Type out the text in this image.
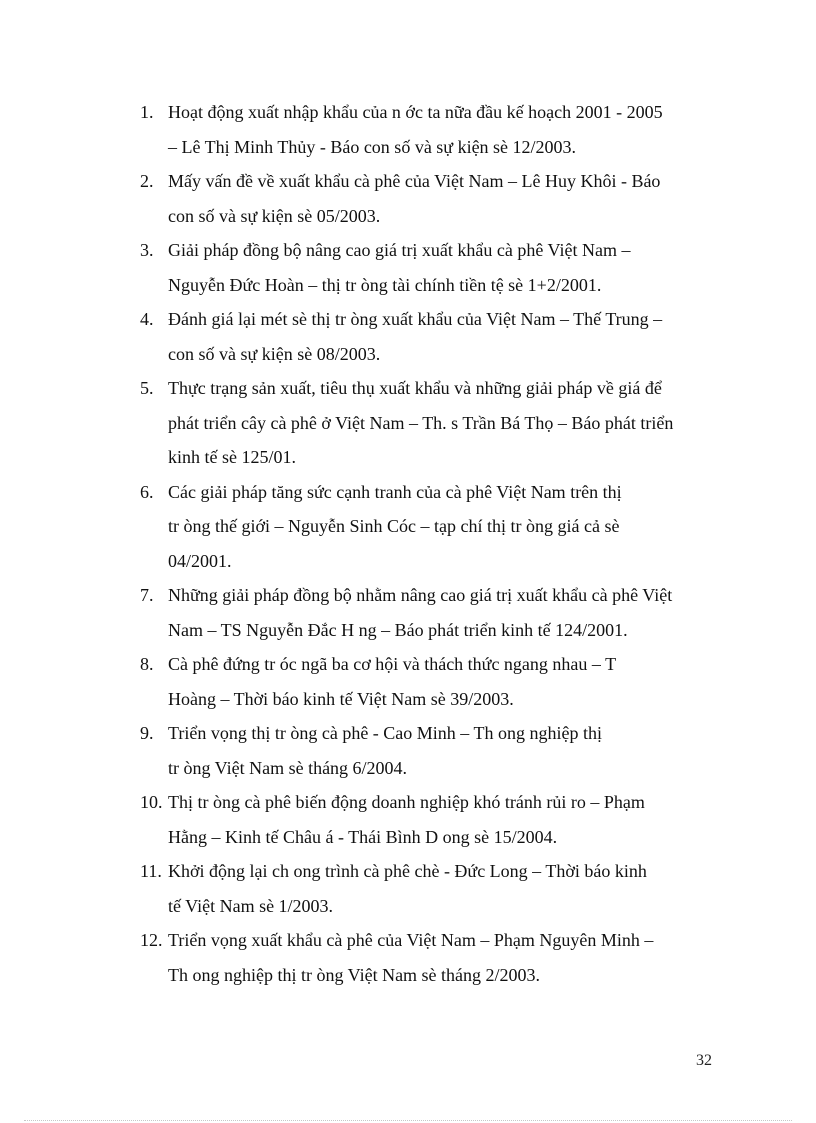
1. Hoạt động xuất nhập khẩu của n ớc ta nữa đầu kế hoạch 2001 - 2005
– Lê Thị Minh Thủy - Báo con số và sự kiện sè 12/2003.
2. Mấy vấn đề về xuất khẩu cà phê của Việt Nam – Lê Huy Khôi - Báo
con số và sự kiện sè 05/2003.
3. Giải pháp đồng bộ nâng cao giá trị xuất khẩu cà phê Việt Nam –
Nguyễn Đức Hoàn – thị tr òng tài chính tiền tệ sè 1+2/2001.
4. Đánh giá lại mét sè thị tr òng xuất khẩu của Việt Nam – Thế Trung –
con số và sự kiện sè 08/2003.
5. Thực trạng sản xuất, tiêu thụ xuất khẩu và những giải pháp về giá để
phát triển cây cà phê ở Việt Nam – Th. s Trần Bá Thọ – Báo phát triển
kinh tế sè 125/01.
6. Các giải pháp tăng sức cạnh tranh của cà phê Việt Nam trên thị
tr òng thế giới – Nguyễn Sinh Cóc – tạp chí thị tr òng giá cả sè
04/2001.
7. Những giải pháp đồng bộ nhằm nâng cao giá trị xuất khẩu cà phê Việt
Nam – TS Nguyễn Đắc H ng – Báo phát triển kinh tế 124/2001.
8. Cà phê đứng tr óc ngã ba cơ hội và thách thức ngang nhau – T
Hoàng – Thời báo kinh tế Việt Nam sè 39/2003.
9. Triển vọng thị tr òng cà phê - Cao Minh – Th ong nghiệp thị
tr òng Việt Nam sè tháng 6/2004.
10. Thị tr òng cà phê biến động doanh nghiệp khó tránh rủi ro – Phạm
Hằng – Kinh tế Châu á - Thái Bình D ong sè 15/2004.
11. Khởi động lại ch ong trình cà phê chè - Đức Long – Thời báo kinh
tế Việt Nam sè 1/2003.
12. Triển vọng xuất khẩu cà phê của Việt Nam – Phạm Nguyên Minh –
Th ong nghiệp thị tr òng Việt Nam sè tháng 2/2003.
32
